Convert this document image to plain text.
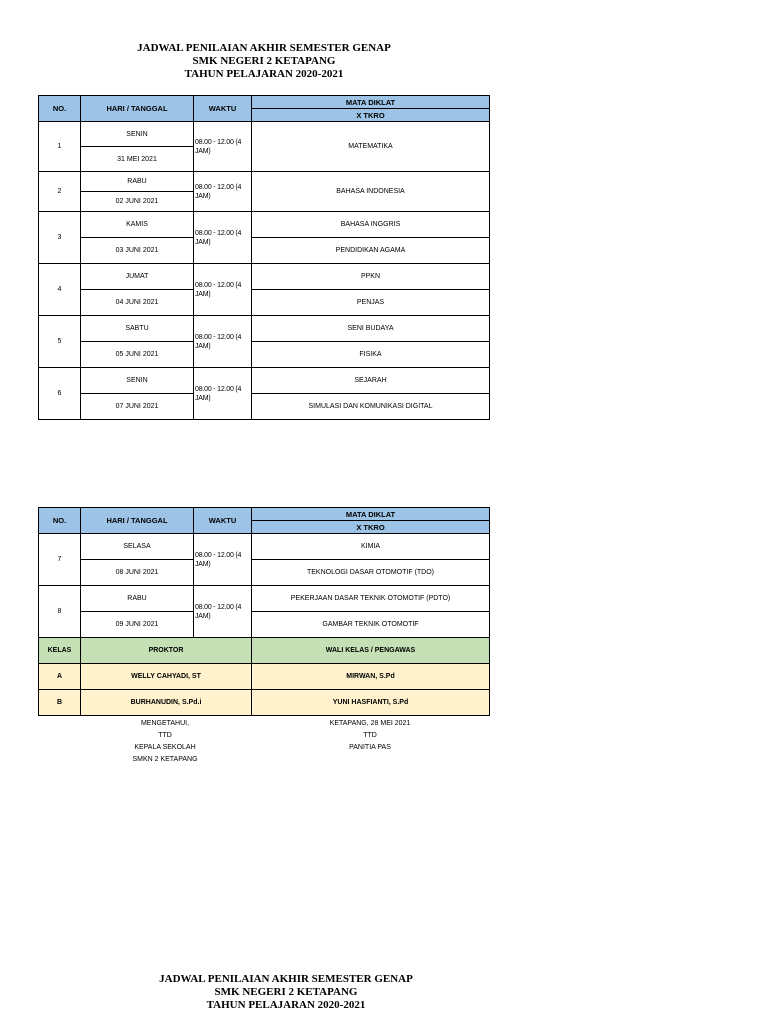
JADWAL PENILAIAN AKHIR SEMESTER GENAP
SMK NEGERI 2 KETAPANG
TAHUN PELAJARAN 2020-2021
NO.	HARI / TANGGAL	WAKTU	MATA DIKLAT
			X TKRO
1	SENIN	08.00 - 12.00 (4 JAM)	MATEMATIKA
	31 MEI 2021		
2	RABU	08.00 - 12.00 (4 JAM)	BAHASA INDONESIA
	02 JUNI 2021		
3	KAMIS	08.00 - 12.00 (4 JAM)	BAHASA INGGRIS
	03 JUNI 2021		PENDIDIKAN AGAMA
4	JUMAT	08.00 - 12.00 (4 JAM)	PPKN
	04 JUNI 2021		PENJAS
5	SABTU	08.00 - 12.00 (4 JAM)	SENI BUDAYA
	05 JUNI 2021		FISIKA
6	SENIN	08.00 - 12.00 (4 JAM)	SEJARAH
	07 JUNI 2021		SIMULASI DAN KOMUNIKASI DIGITAL
NO.	HARI / TANGGAL	WAKTU	MATA DIKLAT
			X TKRO
7	SELASA	08.00 - 12.00 (4 JAM)	KIMIA
	08 JUNI 2021		TEKNOLOGI DASAR OTOMOTIF (TDO)
8	RABU	08.00 - 12.00 (4 JAM)	PEKERJAAN DASAR TEKNIK OTOMOTIF (PDTO)
	09 JUNI 2021		GAMBAR TEKNIK OTOMOTIF
KELAS	PROKTOR		WALI KELAS / PENGAWAS
A	WELLY CAHYADI, ST		MIRWAN, S.Pd
B	BURHANUDIN, S.Pd.i		YUNI HASFIANTI, S.Pd
MENGETAHUI,
TTD
KEPALA SEKOLAH
SMKN 2 KETAPANG
KETAPANG, 28 MEI 2021
TTD
PANITIA PAS
JADWAL PENILAIAN AKHIR SEMESTER GENAP
SMK NEGERI 2 KETAPANG
TAHUN PELAJARAN 2020-2021
